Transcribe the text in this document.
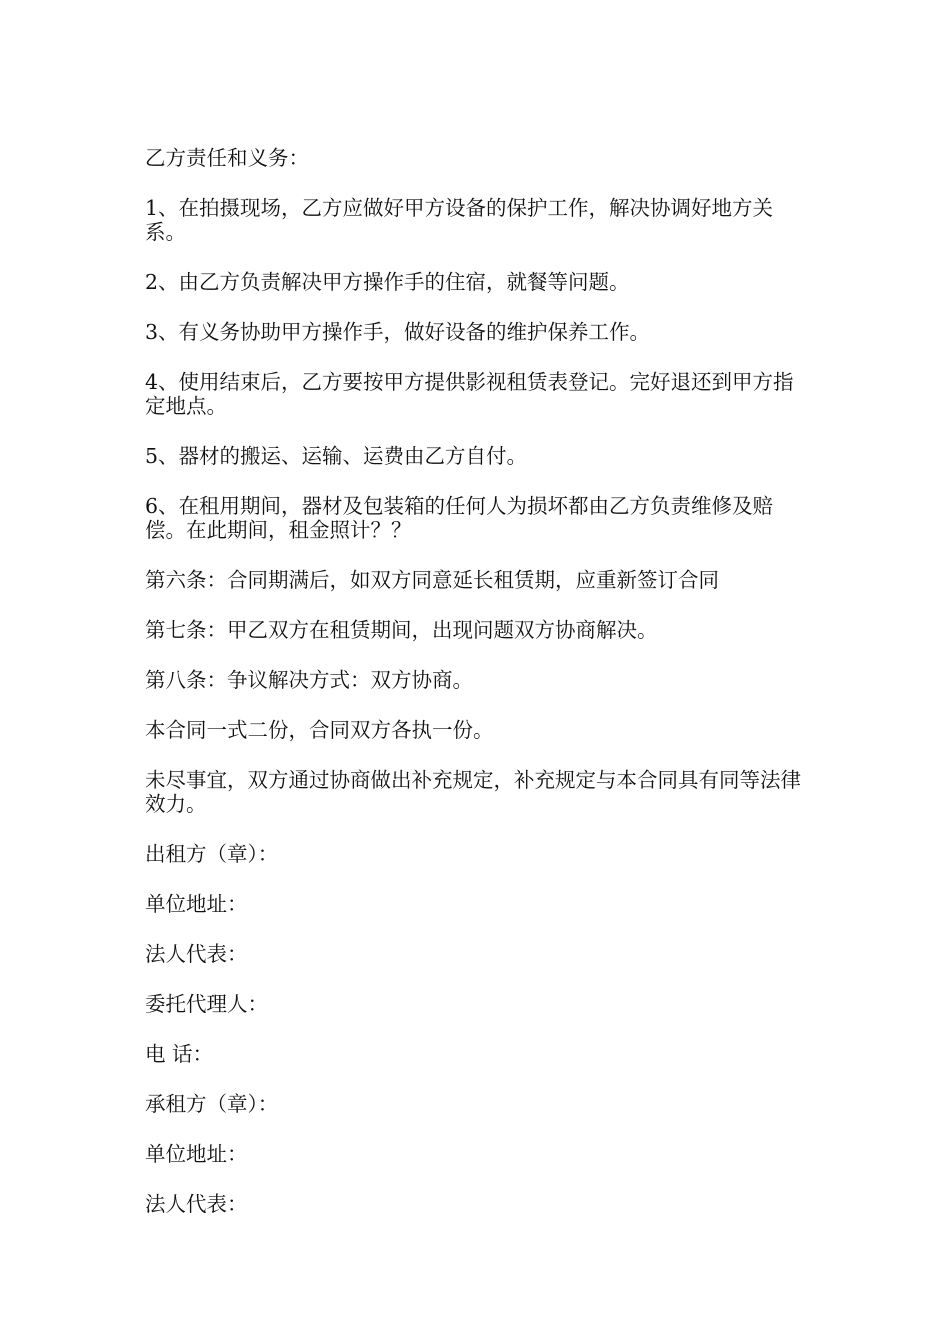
乙方责任和义务：

1、在拍摄现场，乙方应做好甲方设备的保护工作，解决协调好地方关系。

2、由乙方负责解决甲方操作手的住宿，就餐等问题。

3、有义务协助甲方操作手，做好设备的维护保养工作。

4、使用结束后，乙方要按甲方提供影视租赁表登记。完好退还到甲方指定地点。

5、器材的搬运、运输、运费由乙方自付。

6、在租用期间，器材及包装箱的任何人为损坏都由乙方负责维修及赔偿。在此期间，租金照计？？

第六条：合同期满后，如双方同意延长租赁期，应重新签订合同

第七条：甲乙双方在租赁期间，出现问题双方协商解决。

第八条：争议解决方式：双方协商。

本合同一式二份，合同双方各执一份。

未尽事宜，双方通过协商做出补充规定，补充规定与本合同具有同等法律效力。

出租方（章）：

单位地址：

法人代表：

委托代理人：

电 话：

承租方（章）：

单位地址：

法人代表：
